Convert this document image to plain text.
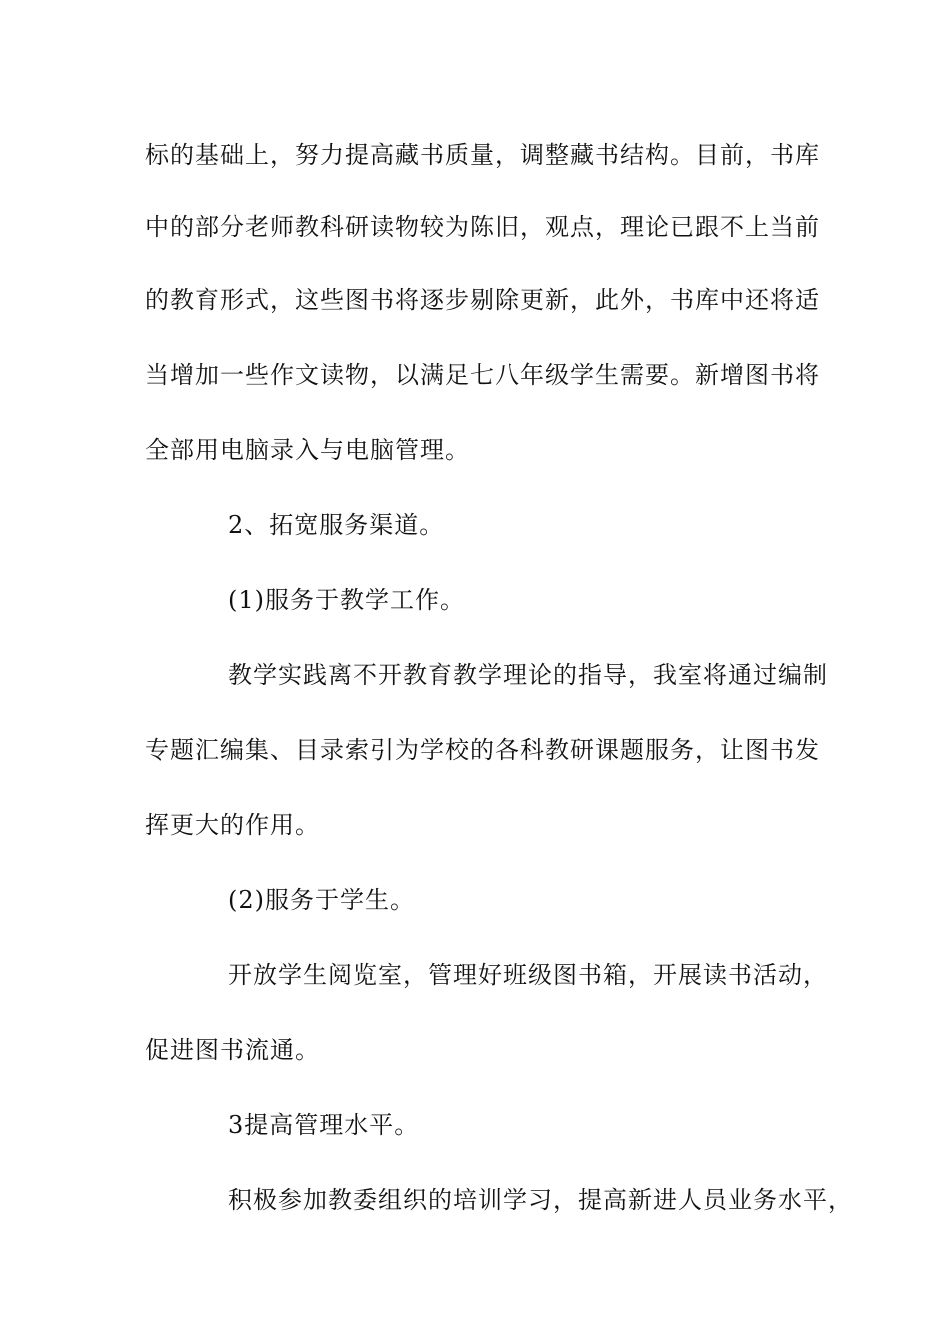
标的基础上，努力提高藏书质量，调整藏书结构。目前，书库
中的部分老师教科研读物较为陈旧，观点，理论已跟不上当前
的教育形式，这些图书将逐步剔除更新，此外，书库中还将适
当增加一些作文读物，以满足七八年级学生需要。新增图书将
全部用电脑录入与电脑管理。
2、拓宽服务渠道。
(1)服务于教学工作。
教学实践离不开教育教学理论的指导，我室将通过编制
专题汇编集、目录索引为学校的各科教研课题服务，让图书发
挥更大的作用。
(2)服务于学生。
开放学生阅览室，管理好班级图书箱，开展读书活动，
促进图书流通。
3提高管理水平。
积极参加教委组织的培训学习，提高新进人员业务水平，
